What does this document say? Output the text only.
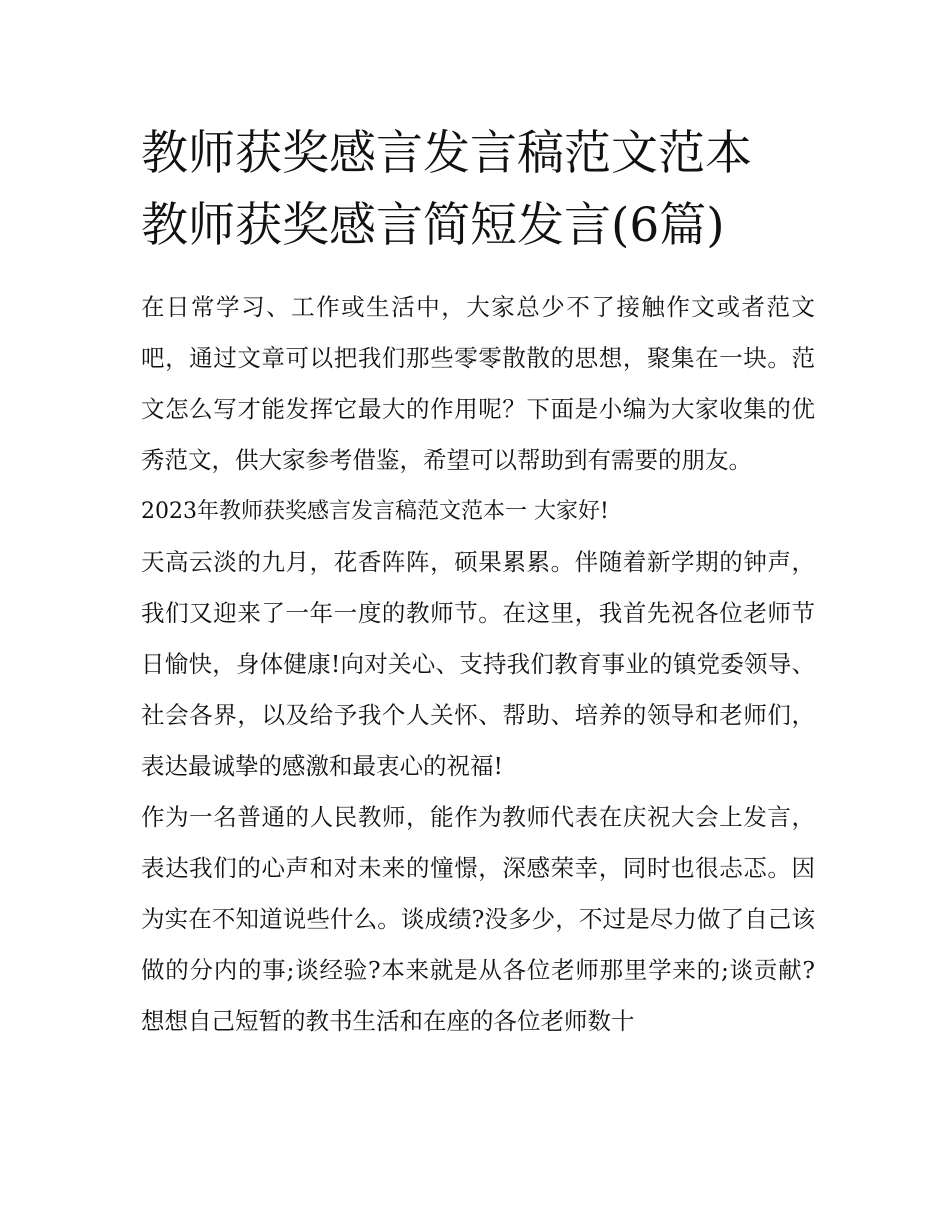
教师获奖感言发言稿范文范本
教师获奖感言简短发言(6篇)

在日常学习、工作或生活中，大家总少不了接触作文或者范文吧，通过文章可以把我们那些零零散散的思想，聚集在一块。范文怎么写才能发挥它最大的作用呢？下面是小编为大家收集的优秀范文，供大家参考借鉴，希望可以帮助到有需要的朋友。

2023年教师获奖感言发言稿范文范本一 大家好!

天高云淡的九月，花香阵阵，硕果累累。伴随着新学期的钟声，我们又迎来了一年一度的教师节。在这里，我首先祝各位老师节日愉快，身体健康!向对关心、支持我们教育事业的镇党委领导、社会各界，以及给予我个人关怀、帮助、培养的领导和老师们，表达最诚挚的感激和最衷心的祝福!

作为一名普通的人民教师，能作为教师代表在庆祝大会上发言，表达我们的心声和对未来的憧憬，深感荣幸，同时也很忐忑。因为实在不知道说些什么。谈成绩?没多少，不过是尽力做了自己该做的分内的事;谈经验?本来就是从各位老师那里学来的;谈贡献?想想自己短暂的教书生活和在座的各位老师数十
